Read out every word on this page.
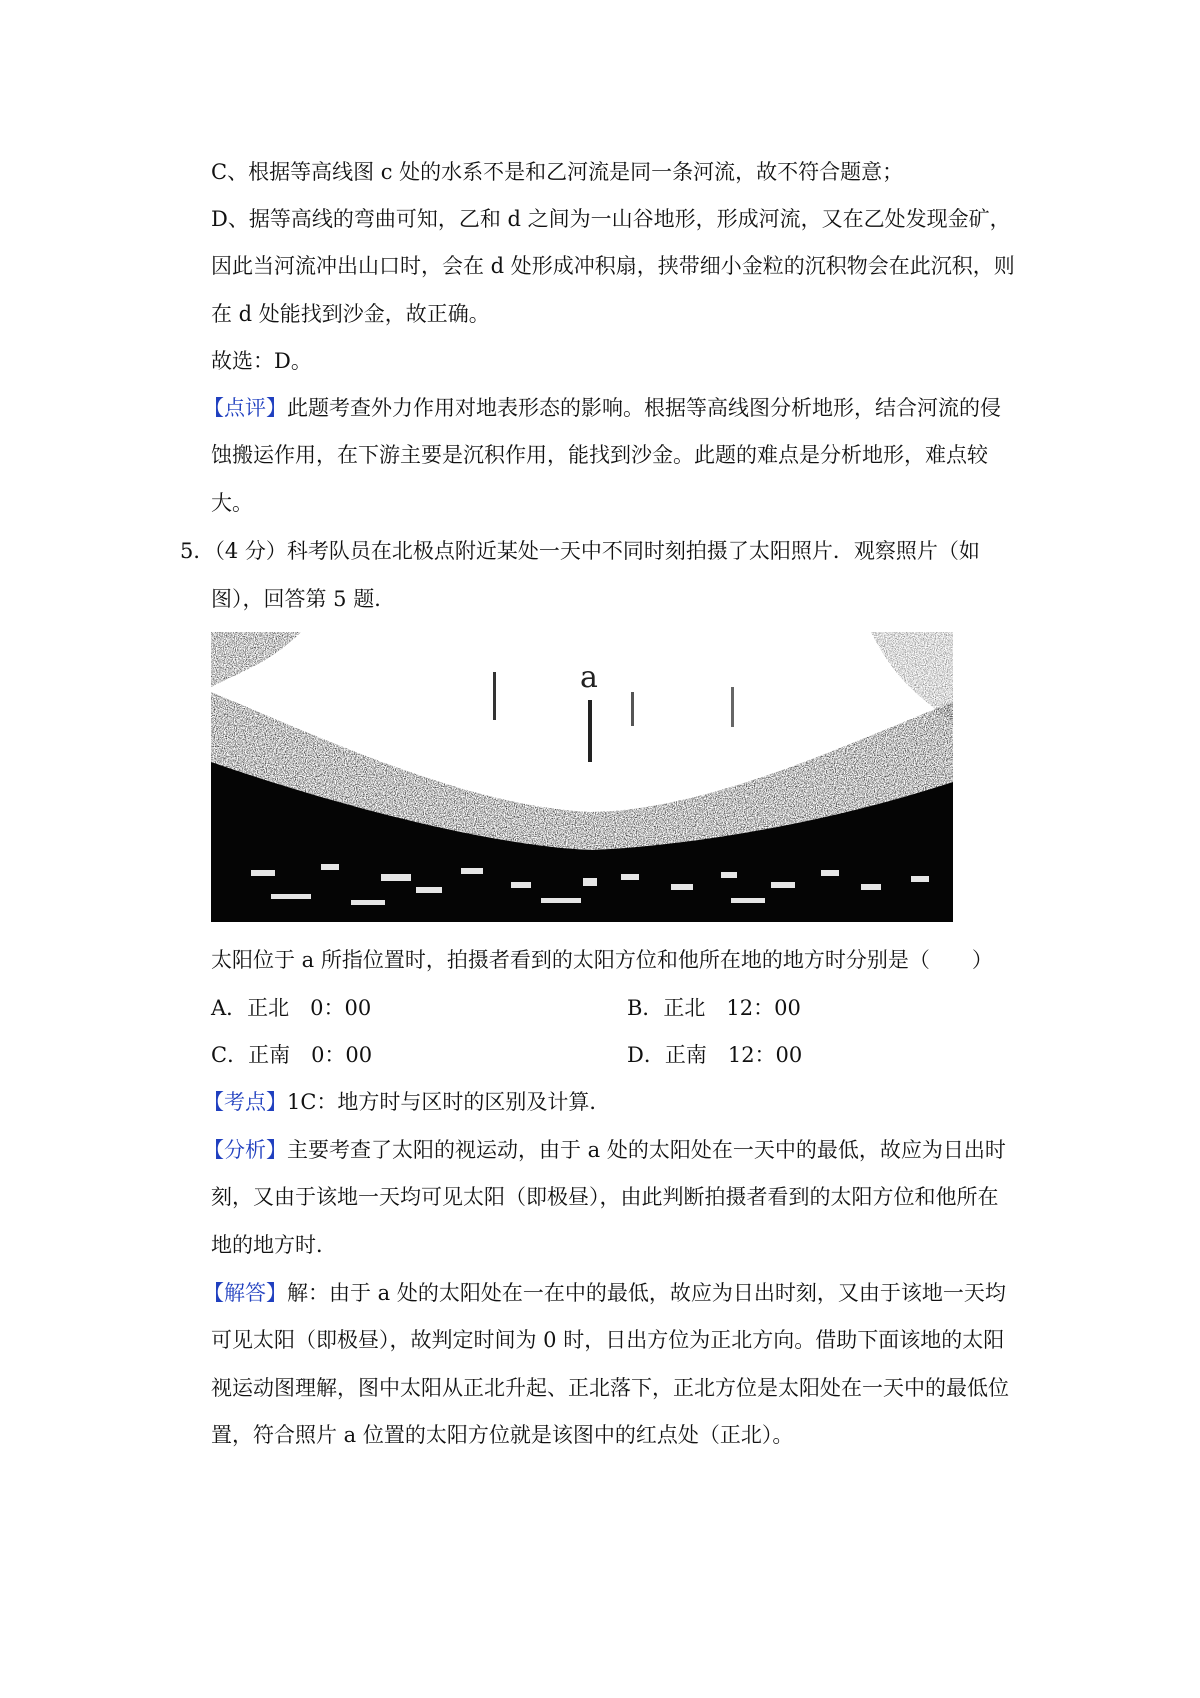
C、根据等高线图 c 处的水系不是和乙河流是同一条河流，故不符合题意；
D、据等高线的弯曲可知，乙和 d 之间为一山谷地形，形成河流，又在乙处发现金矿，
因此当河流冲出山口时，会在 d 处形成冲积扇，挟带细小金粒的沉积物会在此沉积，则
在 d 处能找到沙金，故正确。
故选：D。
【点评】此题考查外力作用对地表形态的影响。根据等高线图分析地形，结合河流的侵
蚀搬运作用，在下游主要是沉积作用，能找到沙金。此题的难点是分析地形，难点较
大。
5．（4 分）科考队员在北极点附近某处一天中不同时刻拍摄了太阳照片．观察照片（如
图），回答第 5 题．
a
太阳位于 a 所指位置时，拍摄者看到的太阳方位和他所在地的地方时分别是（　　）
A．正北　0：00	B．正北　12：00
C．正南　0：00	D．正南　12：00
【考点】1C：地方时与区时的区别及计算．
【分析】主要考查了太阳的视运动，由于 a 处的太阳处在一天中的最低，故应为日出时
刻，又由于该地一天均可见太阳（即极昼），由此判断拍摄者看到的太阳方位和他所在
地的地方时．
【解答】解：由于 a 处的太阳处在一在中的最低，故应为日出时刻，又由于该地一天均
可见太阳（即极昼），故判定时间为 0 时，日出方位为正北方向。借助下面该地的太阳
视运动图理解，图中太阳从正北升起、正北落下，正北方位是太阳处在一天中的最低位
置，符合照片 a 位置的太阳方位就是该图中的红点处（正北）。
